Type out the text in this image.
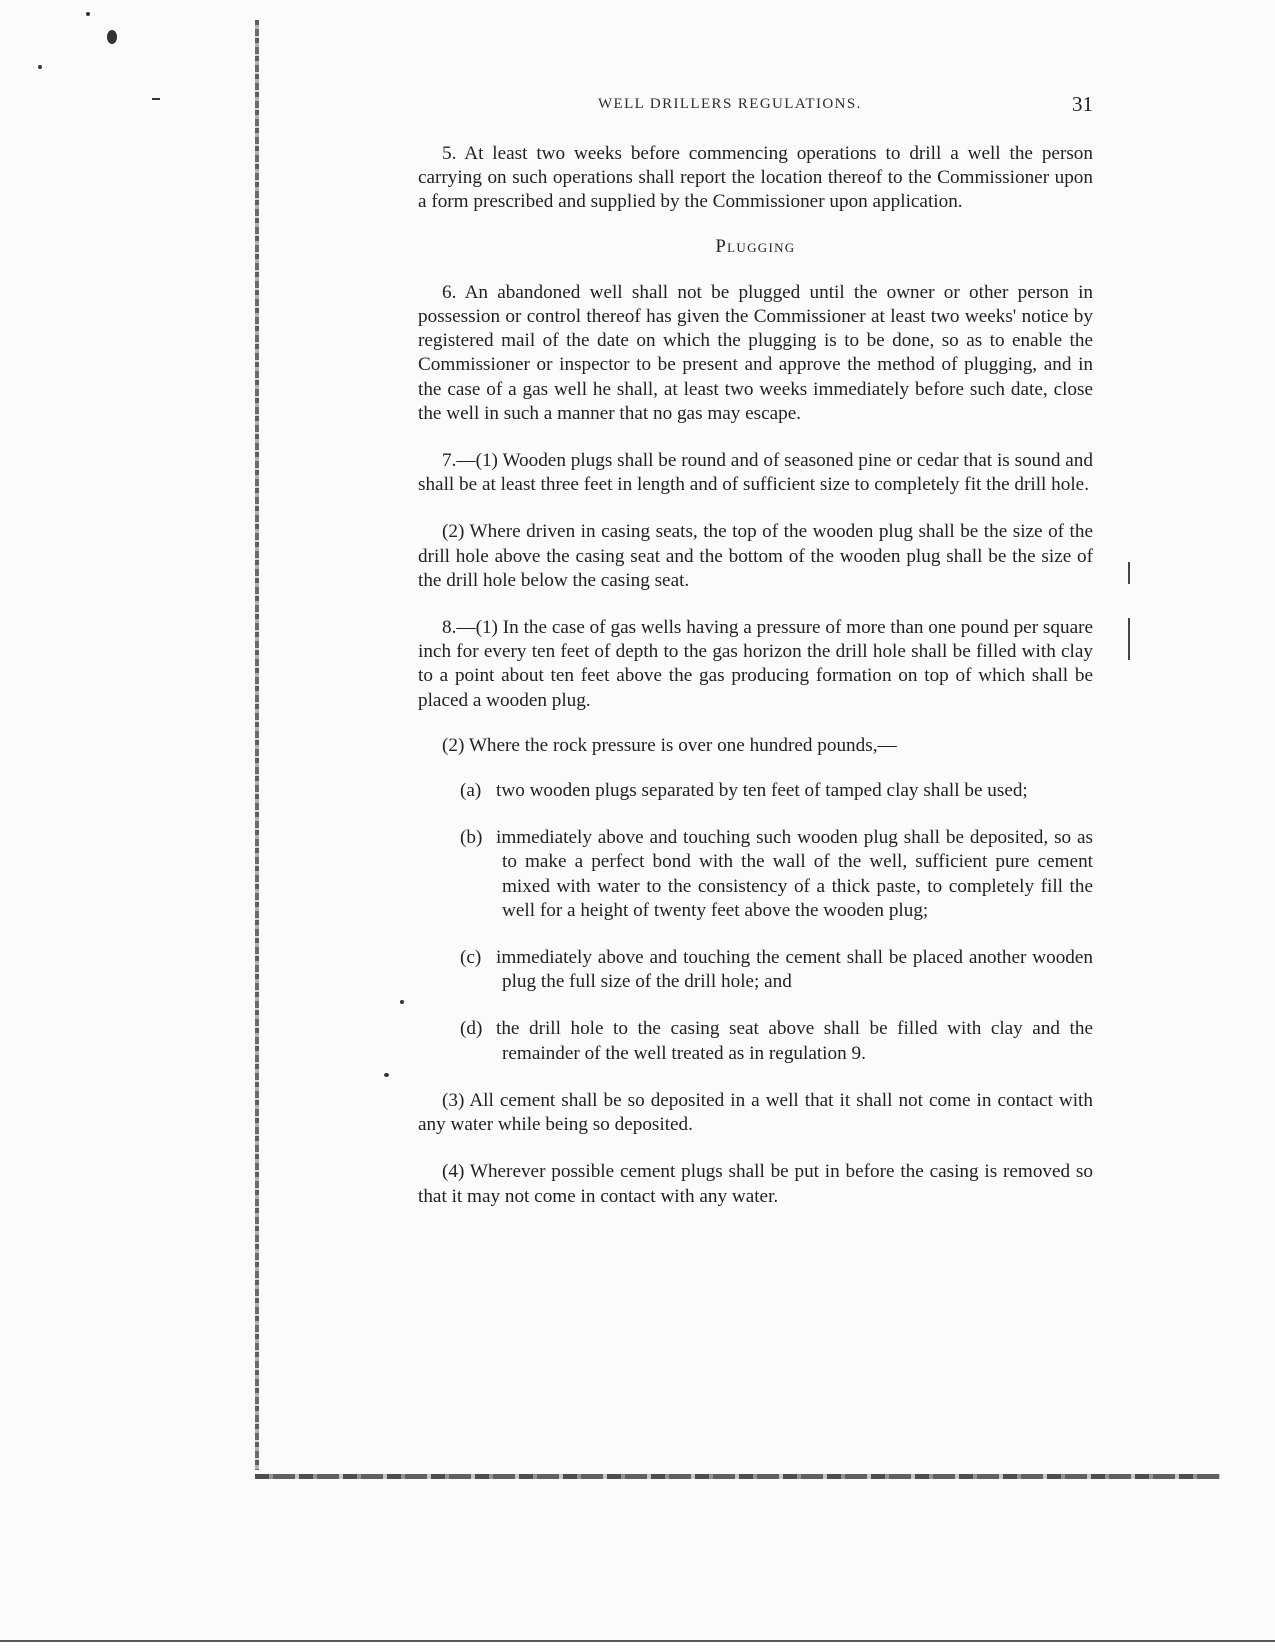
WELL DRILLERS REGULATIONS.	31

5. At least two weeks before commencing operations to drill a well the person carrying on such operations shall report the location thereof to the Commissioner upon a form prescribed and supplied by the Commissioner upon application.

Plugging

6. An abandoned well shall not be plugged until the owner or other person in possession or control thereof has given the Commissioner at least two weeks' notice by registered mail of the date on which the plugging is to be done, so as to enable the Commissioner or inspector to be present and approve the method of plugging, and in the case of a gas well he shall, at least two weeks immediately before such date, close the well in such a manner that no gas may escape.

7.—(1) Wooden plugs shall be round and of seasoned pine or cedar that is sound and shall be at least three feet in length and of sufficient size to completely fit the drill hole.

(2) Where driven in casing seats, the top of the wooden plug shall be the size of the drill hole above the casing seat and the bottom of the wooden plug shall be the size of the drill hole below the casing seat.

8.—(1) In the case of gas wells having a pressure of more than one pound per square inch for every ten feet of depth to the gas horizon the drill hole shall be filled with clay to a point about ten feet above the gas producing formation on top of which shall be placed a wooden plug.

(2) Where the rock pressure is over one hundred pounds,—

(a) two wooden plugs separated by ten feet of tamped clay shall be used;

(b) immediately above and touching such wooden plug shall be deposited, so as to make a perfect bond with the wall of the well, sufficient pure cement mixed with water to the consistency of a thick paste, to completely fill the well for a height of twenty feet above the wooden plug;

(c) immediately above and touching the cement shall be placed another wooden plug the full size of the drill hole; and

(d) the drill hole to the casing seat above shall be filled with clay and the remainder of the well treated as in regulation 9.

(3) All cement shall be so deposited in a well that it shall not come in contact with any water while being so deposited.

(4) Wherever possible cement plugs shall be put in before the casing is removed so that it may not come in contact with any water.
